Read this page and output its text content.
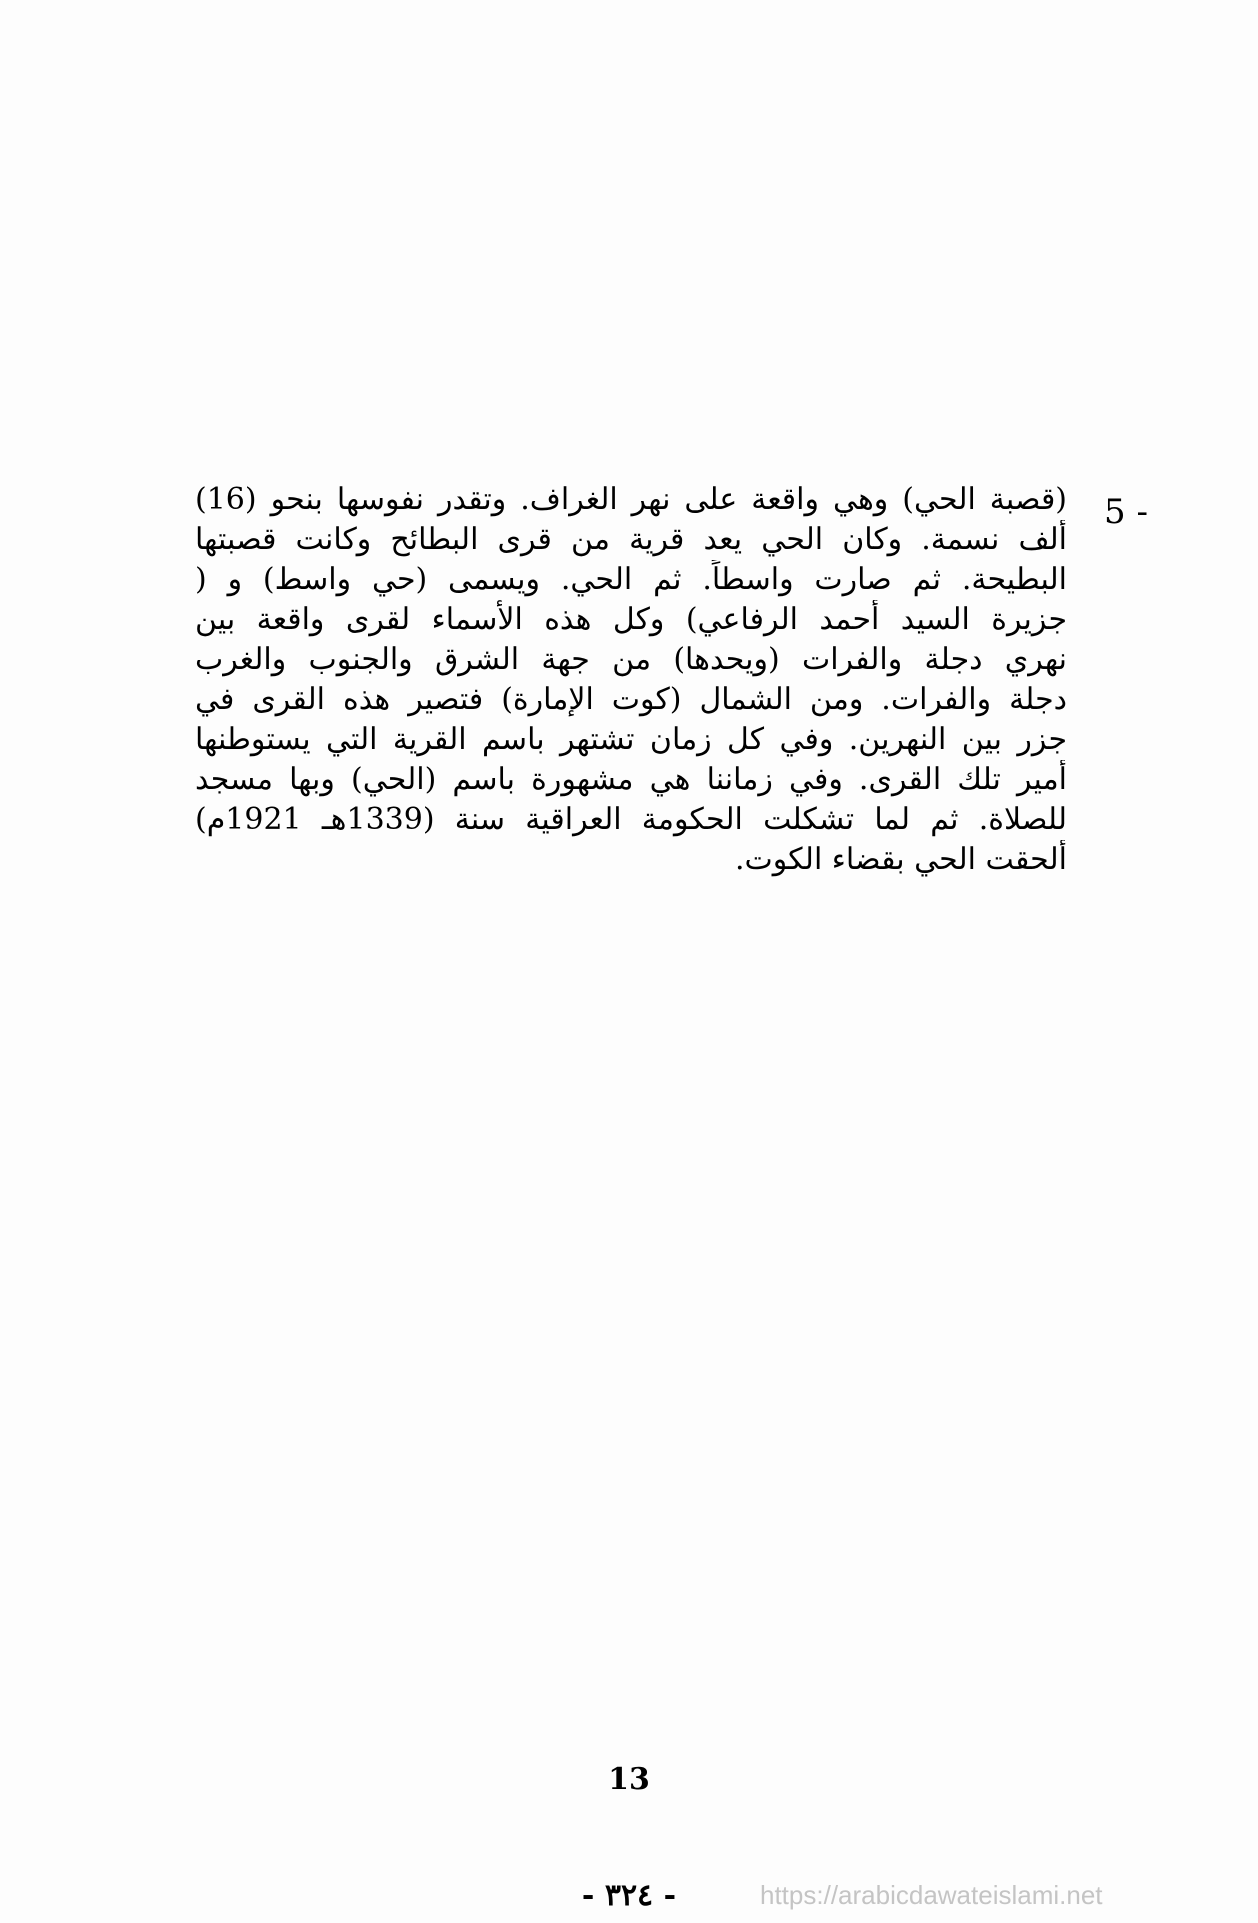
5 -
(قصبة الحي) وهي واقعة على نهر الغراف. وتقدر نفوسها بنحو (16)
ألف نسمة. وكان الحي يعد قرية من قرى البطائح وكانت قصبتها
البطيحة. ثم صارت واسطاً. ثم الحي. ويسمى (حي واسط) و (
جزيرة السيد أحمد الرفاعي) وكل هذه الأسماء لقرى واقعة بين
نهري دجلة والفرات (ويحدها) من جهة الشرق والجنوب والغرب
دجلة والفرات. ومن الشمال (كوت الإمارة) فتصير هذه القرى في
جزر بين النهرين. وفي كل زمان تشتهر باسم القرية التي يستوطنها
أمير تلك القرى. وفي زماننا هي مشهورة باسم (الحي) وبها مسجد
للصلاة. ثم لما تشكلت الحكومة العراقية سنة (1339هـ 1921م)
ألحقت الحي بقضاء الكوت.
13
- ٣٢٤ -	https://arabicdawateislami.net
